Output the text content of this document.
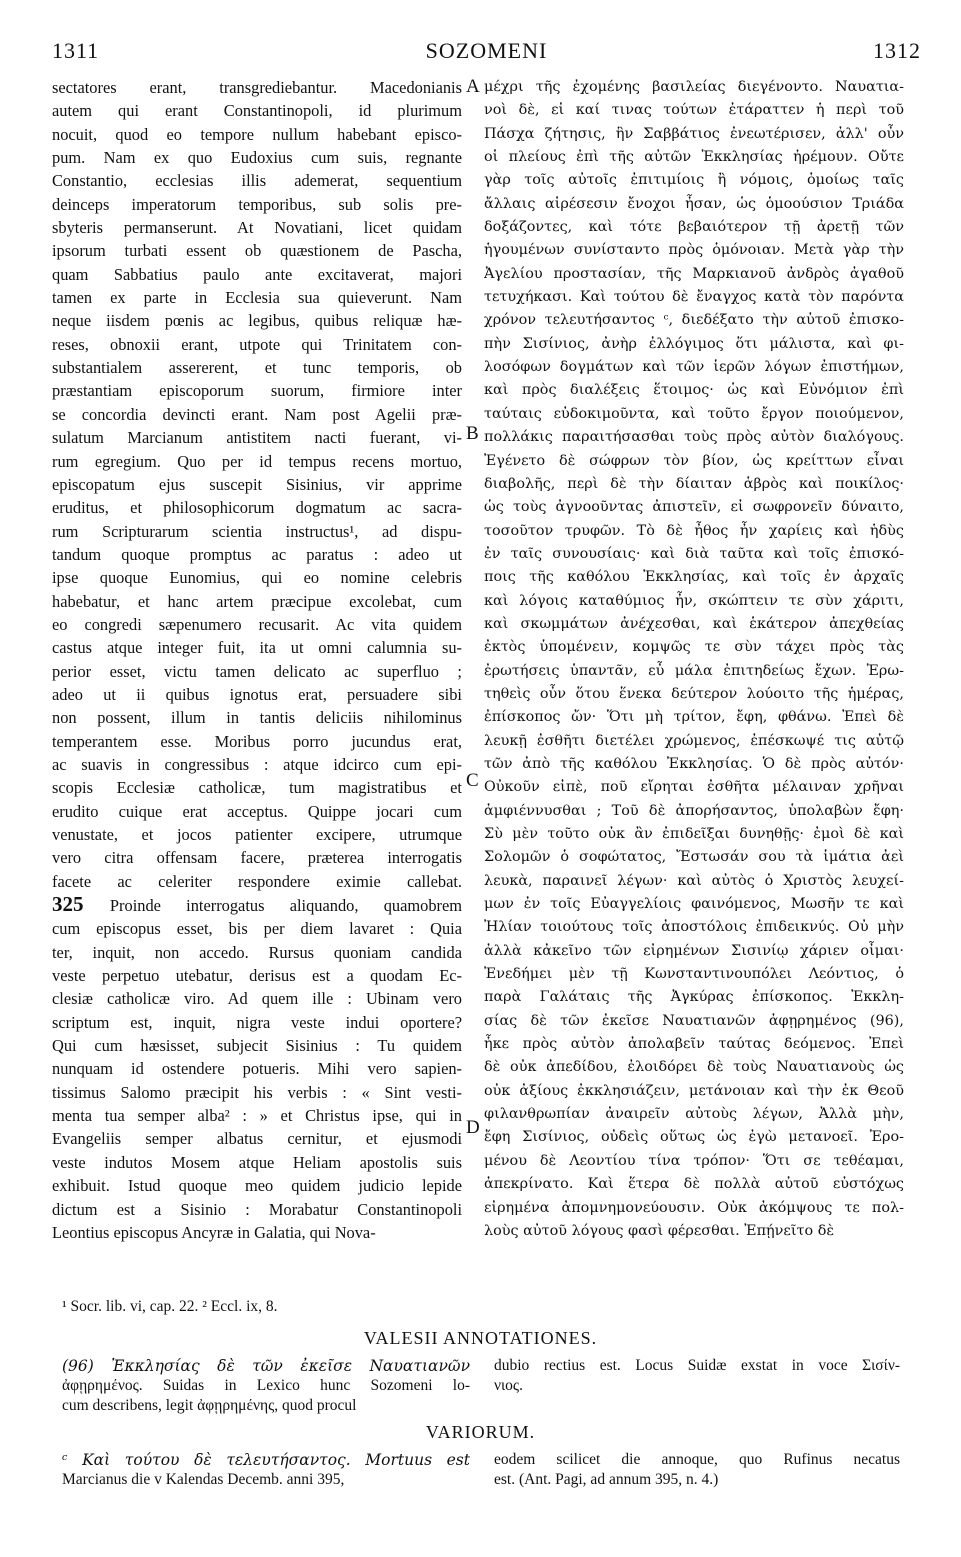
1311	SOZOMENI	1312
sectatores erant, transgrediebantur. Macedonianis
autem qui erant Constantinopoli, id plurimum
nocuit, quod eo tempore nullum habebant episco-
pum. Nam ex quo Eudoxius cum suis, regnante
Constantio, ecclesias illis ademerat, sequentium
deinceps imperatorum temporibus, sub solis pre-
sbyteris permanserunt. At Novatiani, licet quidam
ipsorum turbati essent ob quæstionem de Pascha,
quam Sabbatius paulo ante excitaverat, majori
tamen ex parte in Ecclesia sua quieverunt. Nam
neque iisdem pœnis ac legibus, quibus reliquæ hæ-
reses, obnoxii erant, utpote qui Trinitatem con-
substantialem assererent, et tunc temporis, ob
præstantiam episcoporum suorum, firmiore inter
se concordia devincti erant. Nam post Agelii præ-
sulatum Marcianum antistitem nacti fuerant, vi-
rum egregium. Quo per id tempus recens mortuo,
episcopatum ejus suscepit Sisinius, vir apprime
eruditus, et philosophicorum dogmatum ac sacra-
rum Scripturarum scientia instructus¹, ad dispu-
tandum quoque promptus ac paratus : adeo ut
ipse quoque Eunomius, qui eo nomine celebris
habebatur, et hanc artem præcipue excolebat, cum
eo congredi sæpenumero recusarit. Ac vita quidem
castus atque integer fuit, ita ut omni calumnia su-
perior esset, victu tamen delicato ac superfluo ;
adeo ut ii quibus ignotus erat, persuadere sibi
non possent, illum in tantis deliciis nihilominus
temperantem esse. Moribus porro jucundus erat,
ac suavis in congressibus : atque idcirco cum epi-
scopis Ecclesiæ catholicæ, tum magistratibus et
erudito cuique erat acceptus. Quippe jocari cum
venustate, et jocos patienter excipere, utrumque
vero citra offensam facere, præterea interrogatis
facete ac celeriter respondere eximie callebat.
325 Proinde interrogatus aliquando, quamobrem
cum episcopus esset, bis per diem lavaret : Quia
ter, inquit, non accedo. Rursus quoniam candida
veste perpetuo utebatur, derisus est a quodam Ec-
clesiæ catholicæ viro. Ad quem ille : Ubinam vero
scriptum est, inquit, nigra veste indui oportere?
Qui cum hæsisset, subjecit Sisinius : Tu quidem
nunquam id ostendere potueris. Mihi vero sapien-
tissimus Salomo præcipit his verbis : « Sint vesti-
menta tua semper alba² : » et Christus ipse, qui in
Evangeliis semper albatus cernitur, et ejusmodi
veste indutos Mosem atque Heliam apostolis suis
exhibuit. Istud quoque meo quidem judicio lepide
dictum est a Sisinio : Morabatur Constantinopoli
Leontius episcopus Ancyræ in Galatia, qui Nova-
μέχρι τῆς ἐχομένης βασιλείας διεγένοντο. Ναυατια-
νοὶ δὲ, εἰ καί τινας τούτων ἐτάραττεν ἡ περὶ τοῦ
Πάσχα ζήτησις, ἣν Σαββάτιος ἐνεωτέρισεν, ἀλλ' οὖν
οἱ πλείους ἐπὶ τῆς αὐτῶν Ἐκκλησίας ἠρέμουν. Οὔτε
γὰρ τοῖς αὐτοῖς ἐπιτιμίοις ἢ νόμοις, ὁμοίως ταῖς
ἄλλαις αἱρέσεσιν ἔνοχοι ἦσαν, ὡς ὁμοούσιον Τριάδα
δοξάζοντες, καὶ τότε βεβαιότερον τῇ ἀρετῇ τῶν
ἡγουμένων συνίσταντο πρὸς ὁμόνοιαν. Μετὰ γὰρ τὴν
Ἀγελίου προστασίαν, τῆς Μαρκιανοῦ ἀνδρὸς ἀγαθοῦ
τετυχήκασι. Καὶ τούτου δὲ ἔναγχος κατὰ τὸν παρόντα
χρόνον τελευτήσαντος ᶜ, διεδέξατο τὴν αὐτοῦ ἐπισκο-
πὴν Σισίνιος, ἀνὴρ ἐλλόγιμος ὅτι μάλιστα, καὶ φι-
λοσόφων δογμάτων καὶ τῶν ἱερῶν λόγων ἐπιστήμων,
καὶ πρὸς διαλέξεις ἕτοιμος· ὡς καὶ Εὐνόμιον ἐπὶ
ταύταις εὐδοκιμοῦντα, καὶ τοῦτο ἔργον ποιούμενον,
πολλάκις παραιτήσασθαι τοὺς πρὸς αὐτὸν διαλόγους.
Ἐγένετο δὲ σώφρων τὸν βίον, ὡς κρείττων εἶναι
διαβολῆς, περὶ δὲ τὴν δίαιταν ἁβρὸς καὶ ποικίλος·
ὡς τοὺς ἀγνοοῦντας ἀπιστεῖν, εἰ σωφρονεῖν δύναιτο,
τοσοῦτον τρυφῶν. Τὸ δὲ ἦθος ἦν χαρίεις καὶ ἡδὺς
ἐν ταῖς συνουσίαις· καὶ διὰ ταῦτα καὶ τοῖς ἐπισκό-
ποις τῆς καθόλου Ἐκκλησίας, καὶ τοῖς ἐν ἀρχαῖς
καὶ λόγοις καταθύμιος ἦν, σκώπτειν τε σὺν χάριτι,
καὶ σκωμμάτων ἀνέχεσθαι, καὶ ἑκάτερον ἀπεχθείας
ἐκτὸς ὑπομένειν, κομψῶς τε σὺν τάχει πρὸς τὰς
ἐρωτήσεις ὑπαντᾶν, εὖ μάλα ἐπιτηδείως ἔχων. Ἐρω-
τηθεὶς οὖν ὅτου ἕνεκα δεύτερον λούοιτο τῆς ἡμέρας,
ἐπίσκοπος ὤν· Ὅτι μὴ τρίτον, ἔφη, φθάνω. Ἐπεὶ δὲ
λευκῇ ἐσθῆτι διετέλει χρώμενος, ἐπέσκωψέ τις αὐτῷ
τῶν ἀπὸ τῆς καθόλου Ἐκκλησίας. Ὁ δὲ πρὸς αὐτόν·
Οὐκοῦν εἰπὲ, ποῦ εἴρηται ἐσθῆτα μέλαιναν χρῆναι
ἀμφιέννυσθαι ; Τοῦ δὲ ἀπορήσαντος, ὑπολαβὼν ἔφη·
Σὺ μὲν τοῦτο οὐκ ἂν ἐπιδεῖξαι δυνηθῇς· ἐμοὶ δὲ καὶ
Σολομῶν ὁ σοφώτατος, Ἔστωσάν σου τὰ ἱμάτια ἀεὶ
λευκὰ, παραινεῖ λέγων· καὶ αὐτὸς ὁ Χριστὸς λευχεί-
μων ἐν τοῖς Εὐαγγελίοις φαινόμενος, Μωσῆν τε καὶ
Ἠλίαν τοιούτους τοῖς ἀποστόλοις ἐπιδεικνύς. Οὐ μὴν
ἀλλὰ κἀκεῖνο τῶν εἰρημένων Σισινίῳ χάριεν οἶμαι·
Ἐνεδήμει μὲν τῇ Κωνσταντινουπόλει Λεόντιος, ὁ
παρὰ Γαλάταις τῆς Ἀγκύρας ἐπίσκοπος. Ἐκκλη-
σίας δὲ τῶν ἐκεῖσε Ναυατιανῶν ἀφῃρημένος (96),
ἧκε πρὸς αὐτὸν ἀπολαβεῖν ταύτας δεόμενος. Ἐπεὶ
δὲ οὐκ ἀπεδίδου, ἐλοιδόρει δὲ τοὺς Ναυατιανοὺς ὡς
οὐκ ἀξίους ἐκκλησιάζειν, μετάνοιαν καὶ τὴν ἐκ Θεοῦ
φιλανθρωπίαν ἀναιρεῖν αὐτοὺς λέγων, Ἀλλὰ μὴν,
ἔφη Σισίνιος, οὐδεὶς οὕτως ὡς ἐγὼ μετανοεῖ. Ἐρο-
μένου δὲ Λεοντίου τίνα τρόπον· Ὅτι σε τεθέαμαι,
ἀπεκρίνατο. Καὶ ἕτερα δὲ πολλὰ αὐτοῦ εὐστόχως
εἰρημένα ἀπομνημονεύουσιν. Οὐκ ἀκόμψους τε πολ-
λοὺς αὐτοῦ λόγους φασὶ φέρεσθαι. Ἐπῄνεῖτο δὲ
A
B
C
D
¹ Socr. lib. vi, cap. 22. ² Eccl. ix, 8.
VALESII ANNOTATIONES.
(96) Ἐκκλησίας δὲ τῶν ἐκεῖσε Ναυατιανῶν
ἀφῃρημένος. Suidas in Lexico hunc Sozomeni lo-
cum describens, legit ἀφῃρημένης, quod procul
dubio rectius est. Locus Suidæ exstat in voce Σισίν-
νιος.
VARIORUM.
ᶜ Καὶ τούτου δὲ τελευτήσαντος. Mortuus est
Marcianus die v Kalendas Decemb. anni 395,
eodem scilicet die annoque, quo Rufinus necatus
est. (Ant. Pagi, ad annum 395, n. 4.)
